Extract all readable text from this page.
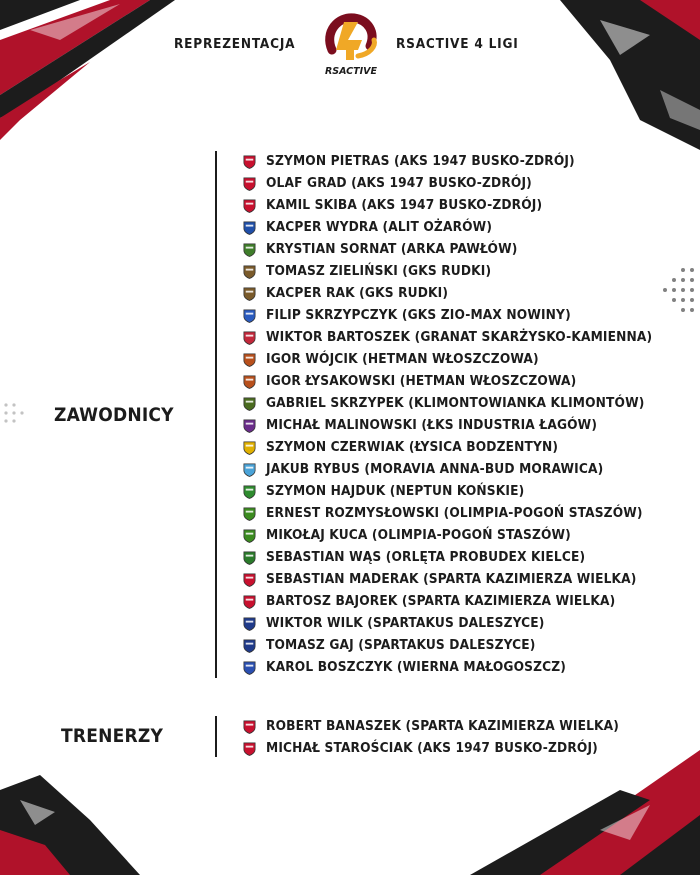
REPREZENTACJA
RSACTIVE
RSACTIVE 4 LIGI
ZAWODNICY
SZYMON PIETRAS (AKS 1947 BUSKO-ZDRÓJ)
OLAF GRAD (AKS 1947 BUSKO-ZDRÓJ)
KAMIL SKIBA (AKS 1947 BUSKO-ZDRÓJ)
KACPER WYDRA (ALIT OŻARÓW)
KRYSTIAN SORNAT (ARKA PAWŁÓW)
TOMASZ ZIELIŃSKI (GKS RUDKI)
KACPER RAK (GKS RUDKI)
FILIP SKRZYPCZYK (GKS ZIO-MAX NOWINY)
WIKTOR BARTOSZEK (GRANAT SKARŻYSKO-KAMIENNA)
IGOR WÓJCIK (HETMAN WŁOSZCZOWA)
IGOR ŁYSAKOWSKI (HETMAN WŁOSZCZOWA)
GABRIEL SKRZYPEK (KLIMONTOWIANKA KLIMONTÓW)
MICHAŁ MALINOWSKI (ŁKS INDUSTRIA ŁAGÓW)
SZYMON CZERWIAK (ŁYSICA BODZENTYN)
JAKUB RYBUS (MORAVIA ANNA-BUD MORAWICA)
SZYMON HAJDUK (NEPTUN KOŃSKIE)
ERNEST ROZMYSŁOWSKI (OLIMPIA-POGOŃ STASZÓW)
MIKOŁAJ KUCA (OLIMPIA-POGOŃ STASZÓW)
SEBASTIAN WĄS (ORLĘTA PROBUDEX KIELCE)
SEBASTIAN MADERAK (SPARTA KAZIMIERZA WIELKA)
BARTOSZ BAJOREK (SPARTA KAZIMIERZA WIELKA)
WIKTOR WILK (SPARTAKUS DALESZYCE)
TOMASZ GAJ (SPARTAKUS DALESZYCE)
KAROL BOSZCZYK (WIERNA MAŁOGOSZCZ)
TRENERZY	ROBERT BANASZEK (SPARTA KAZIMIERZA WIELKA)
MICHAŁ STAROŚCIAK (AKS 1947 BUSKO-ZDRÓJ)
